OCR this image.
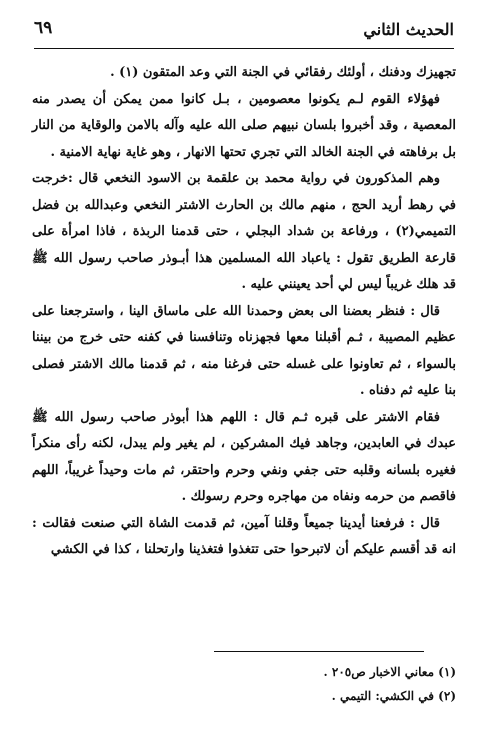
الحديث الثاني
٦٩

تجهيزك ودفنك ، أولئك رفقائي في الجنة التي وعد المتقون (١) .

فهؤلاء القوم لـم يكونوا معصومين ، بـل كانوا ممن يمكن أن يصدر منه المعصية ، وقد أخبروا بلسان نبيهم صلى الله عليه وآله بالامن والوقاية من النار بل برفاهته في الجنة الخالد التي تجري تحتها الانهار ، وهو غاية نهاية الامنية .

وهم المذكورون في رواية محمد بن علقمة بن الاسود النخعي قال :خرجت في رهط أريد الحج ، منهم مالك بن الحارث الاشتر النخعي وعبدالله بن فضل التميمي(٢) ، ورفاعة بن شداد البجلي ، حتى قدمنا الربذة ، فاذا امرأة على قارعة الطريق تقول : ياعباد الله المسلمين هذا أبـوذر صاحب رسول الله ﷺ قد هلك غريباً ليس لي أحد يعينني عليه .

قال : فنظر بعضنا الى بعض وحمدنا الله على ماساق الينا ، واسترجعنا على عظيم المصيبة ، ثـم أقبلنا معها فجهزناه وتنافسنا في كفنه حتى خرج من بيننا بالسواء ، ثم تعاونوا على غسله حتى فرغنا منه ، ثم قدمنا مالك الاشتر فصلى بنا عليه ثم دفناه .

فقام الاشتر على قبره ثـم قال : اللهم هذا أبوذر صاحب رسول الله ﷺ عبدك في العابدين، وجاهد فيك المشركين ، لم يغير ولم يبدل، لكنه رأى منكراً فغيره بلسانه وقلبه حتى جفي ونفي وحرم واحتقر، ثم مات وحيداً غريباً، اللهم فاقصم من حرمه ونفاه من مهاجره وحرم رسولك .

قال : فرفعنا أيدينا جميعاً وقلنا آمين، ثم قدمت الشاة التي صنعت فقالت : انه قد أقسم عليكم أن لاتبرحوا حتى تتغذوا فتغذينا وارتحلنا ، كذا في الكشي

(١) معاني الاخبار ص٢٠٥ .
(٢) في الكشي: التيمي .
